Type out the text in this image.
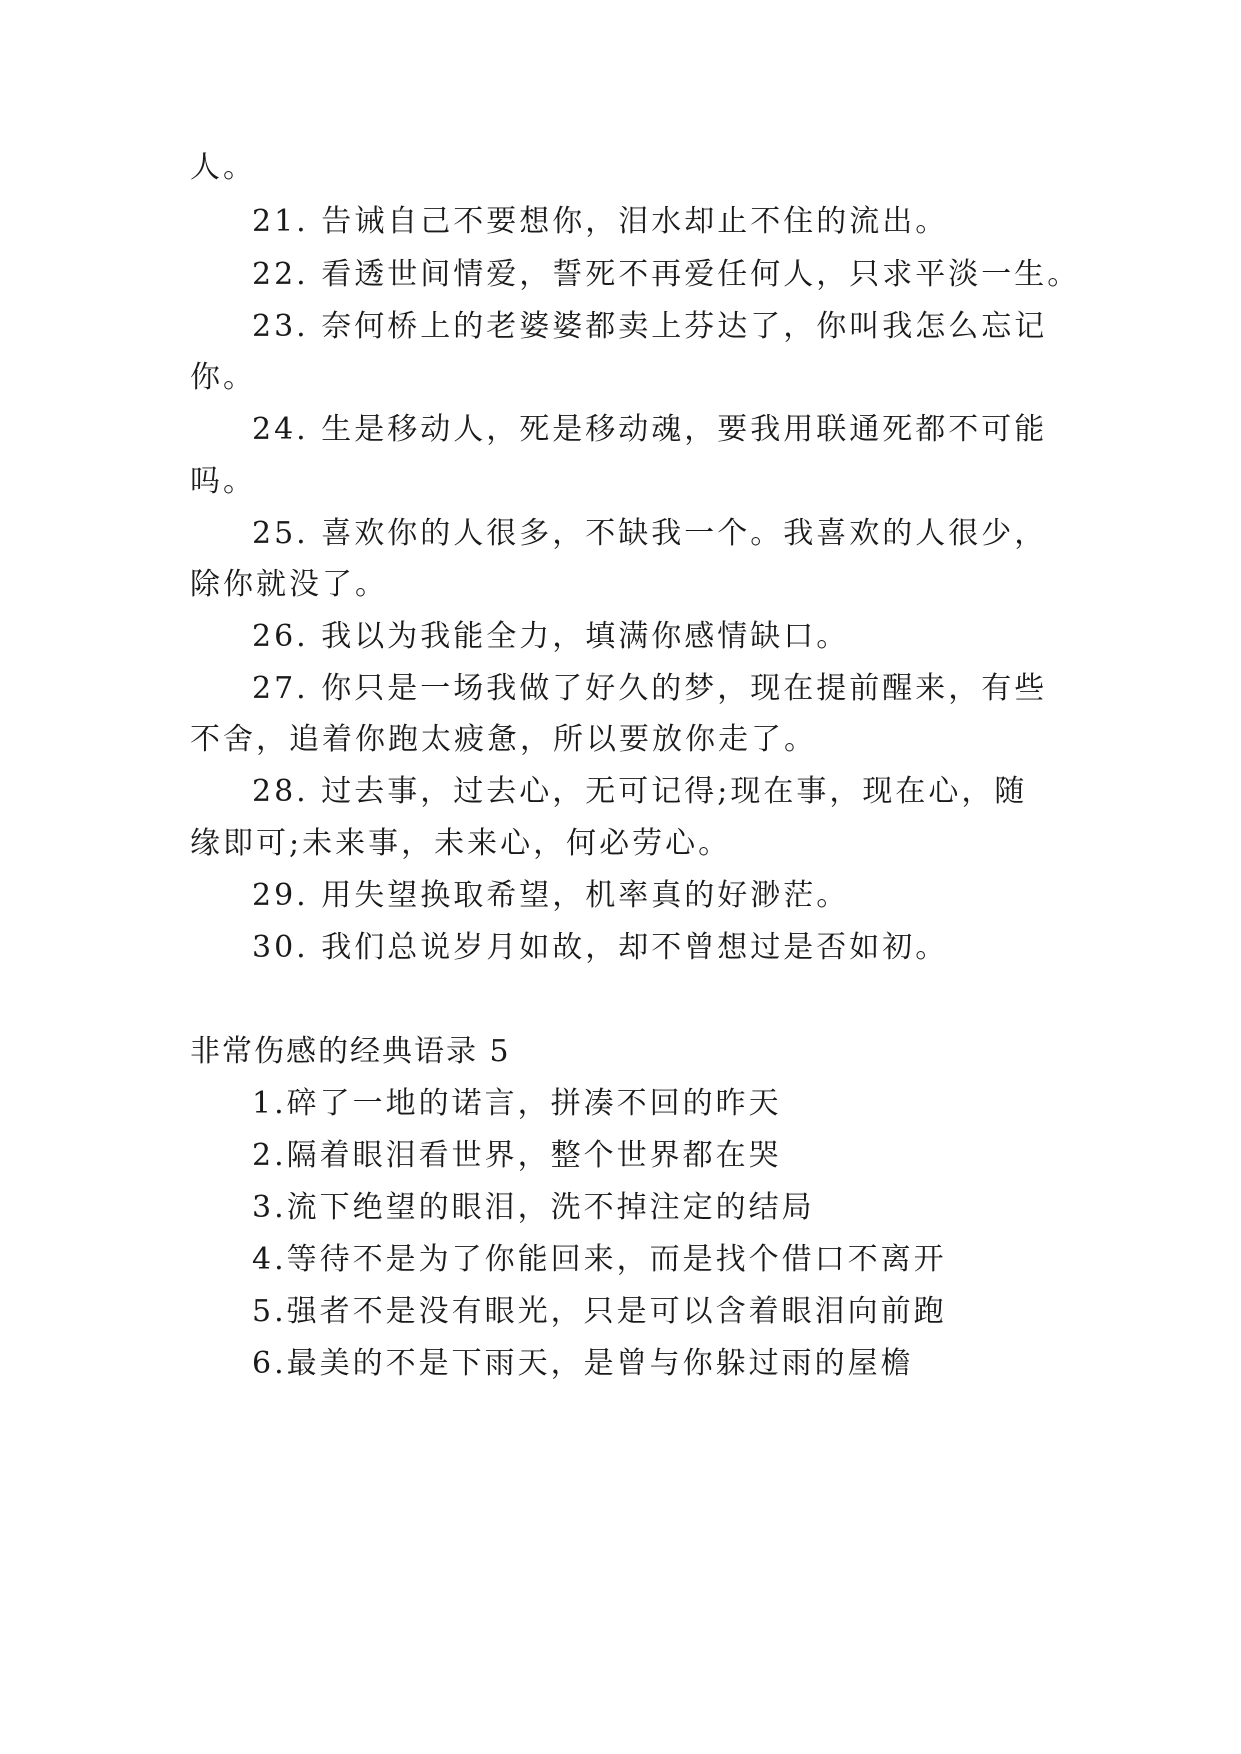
人。
21. 告诫自己不要想你，泪水却止不住的流出。
22. 看透世间情爱，誓死不再爱任何人，只求平淡一生。
23. 奈何桥上的老婆婆都卖上芬达了，你叫我怎么忘记
你。
24. 生是移动人，死是移动魂，要我用联通死都不可能
吗。
25. 喜欢你的人很多，不缺我一个。我喜欢的人很少，
除你就没了。
26. 我以为我能全力，填满你感情缺口。
27. 你只是一场我做了好久的梦，现在提前醒来，有些
不舍，追着你跑太疲惫，所以要放你走了。
28. 过去事，过去心，无可记得;现在事，现在心，随
缘即可;未来事，未来心，何必劳心。
29. 用失望换取希望，机率真的好渺茫。
30. 我们总说岁月如故，却不曾想过是否如初。
非常伤感的经典语录 5
1.碎了一地的诺言，拼凑不回的昨天
2.隔着眼泪看世界，整个世界都在哭
3.流下绝望的眼泪，洗不掉注定的结局
4.等待不是为了你能回来，而是找个借口不离开
5.强者不是没有眼光，只是可以含着眼泪向前跑
6.最美的不是下雨天，是曾与你躲过雨的屋檐
